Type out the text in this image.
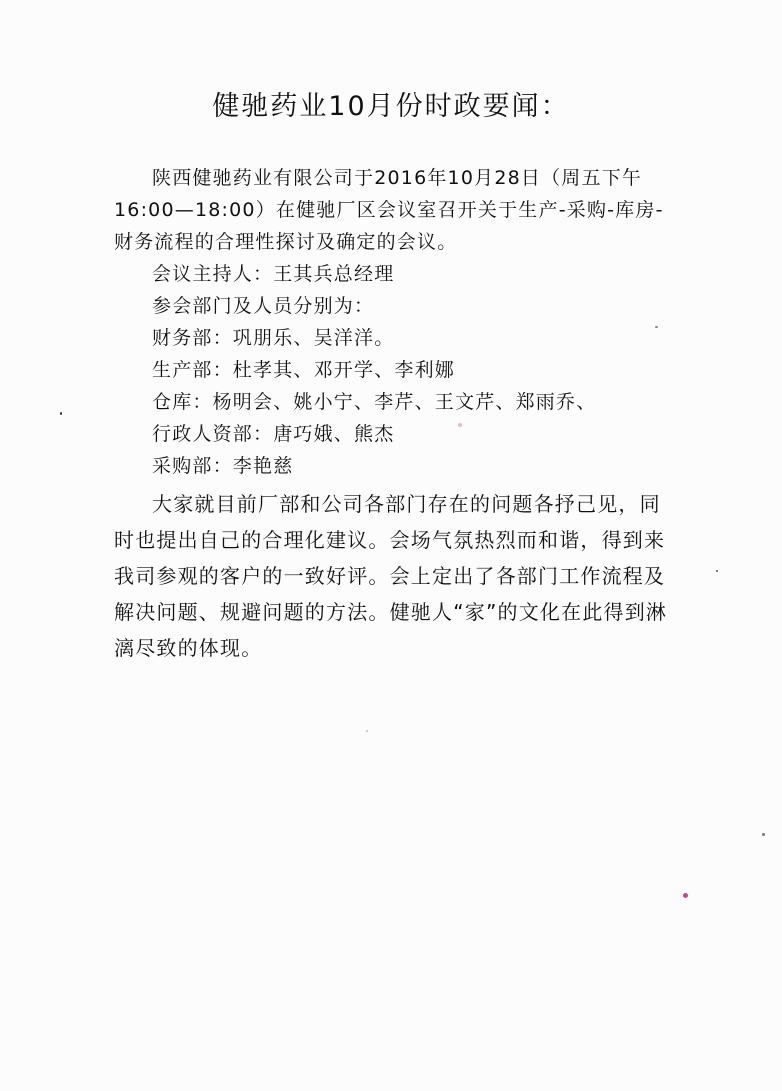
健驰药业10月份时政要闻：

陕西健驰药业有限公司于2016年10月28日（周五下午16:00—18:00）在健驰厂区会议室召开关于生产-采购-库房-财务流程的合理性探讨及确定的会议。

会议主持人：王其兵总经理
参会部门及人员分别为：
财务部：巩朋乐、吴洋洋。
生产部：杜孝其、邓开学、李利娜
仓库：杨明会、姚小宁、李芹、王文芹、郑雨乔、
行政人资部：唐巧娥、熊杰
采购部：李艳慈

大家就目前厂部和公司各部门存在的问题各抒己见，同时也提出自己的合理化建议。会场气氛热烈而和谐，得到来我司参观的客户的一致好评。会上定出了各部门工作流程及解决问题、规避问题的方法。健驰人“家”的文化在此得到淋漓尽致的体现。
